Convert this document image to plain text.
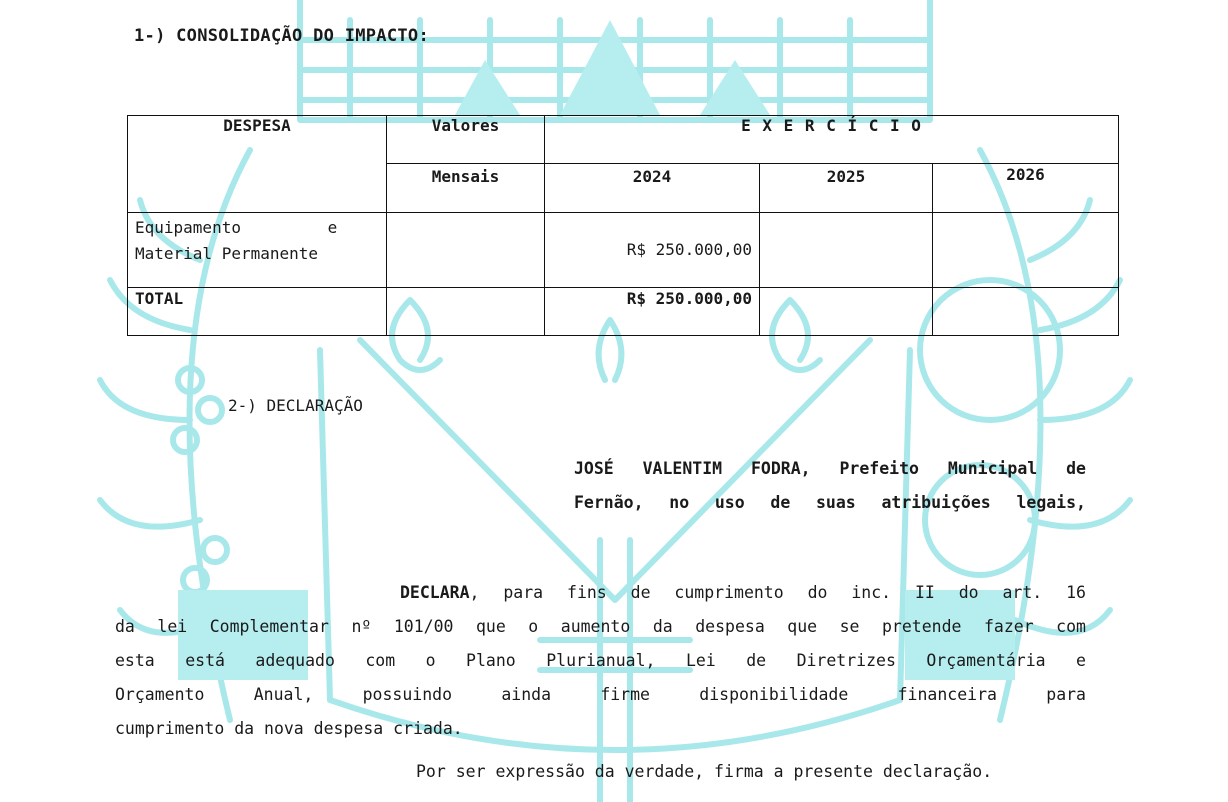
1-) CONSOLIDAÇÃO DO IMPACTO:
DESPESA	Valores	E X E R C Í C I O		
	Mensais	2024	2025	2026

Equipamento         e
Material Permanente		R$ 250.000,00		

TOTAL		R$ 250.000,00		

2-) DECLARAÇÃO
JOSÉ VALENTIM FODRA, Prefeito Municipal de
Fernão, no uso de suas atribuições legais,
DECLARA, para fins de cumprimento do inc. II do art. 16
da lei Complementar nº 101/00 que o aumento da despesa que se pretende fazer com
esta está adequado com o Plano Plurianual, Lei de Diretrizes Orçamentária e
Orçamento Anual, possuindo ainda firme disponibilidade financeira para
cumprimento da nova despesa criada.
Por ser expressão da verdade, firma a presente declaração.
